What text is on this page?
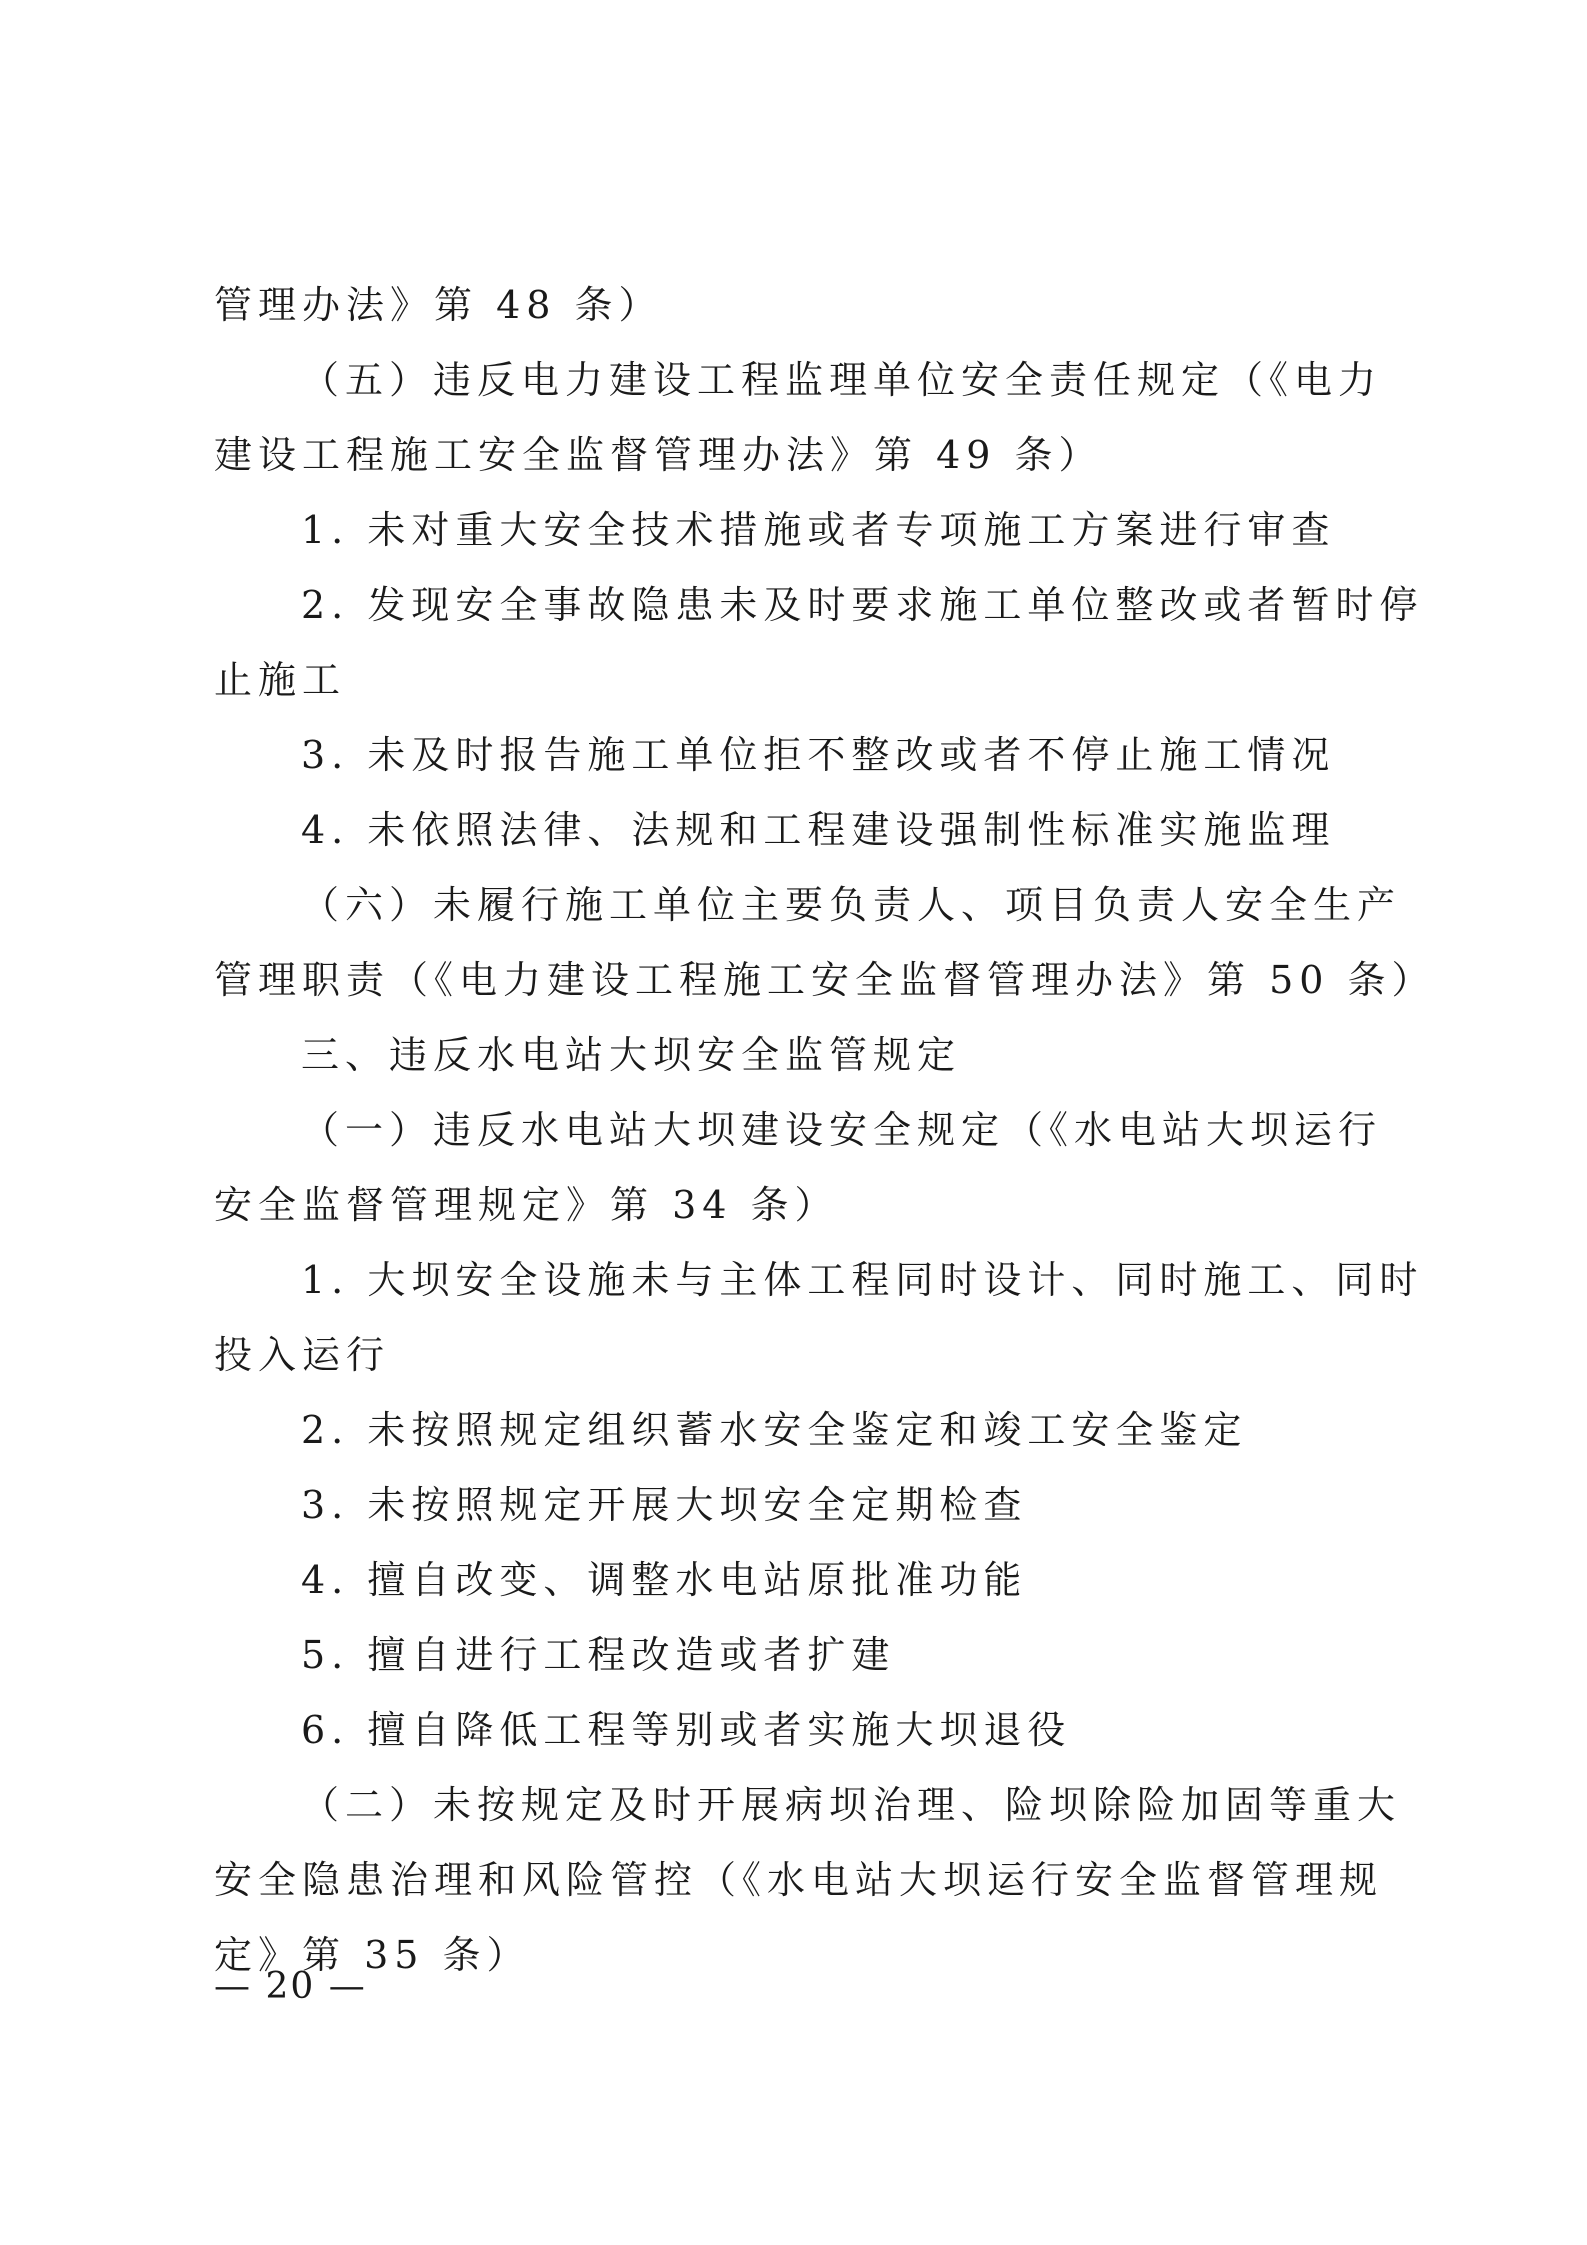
管理办法》第 48 条）
（五）违反电力建设工程监理单位安全责任规定（《电力
建设工程施工安全监督管理办法》第 49 条）
1. 未对重大安全技术措施或者专项施工方案进行审查
2. 发现安全事故隐患未及时要求施工单位整改或者暂时停
止施工
3. 未及时报告施工单位拒不整改或者不停止施工情况
4. 未依照法律、法规和工程建设强制性标准实施监理
（六）未履行施工单位主要负责人、项目负责人安全生产
管理职责（《电力建设工程施工安全监督管理办法》第 50 条）
三、违反水电站大坝安全监管规定
（一）违反水电站大坝建设安全规定（《水电站大坝运行
安全监督管理规定》第 34 条）
1. 大坝安全设施未与主体工程同时设计、同时施工、同时
投入运行
2. 未按照规定组织蓄水安全鉴定和竣工安全鉴定
3. 未按照规定开展大坝安全定期检查
4. 擅自改变、调整水电站原批准功能
5. 擅自进行工程改造或者扩建
6. 擅自降低工程等别或者实施大坝退役
（二）未按规定及时开展病坝治理、险坝除险加固等重大
安全隐患治理和风险管控（《水电站大坝运行安全监督管理规
定》第 35 条）
— 20 —
